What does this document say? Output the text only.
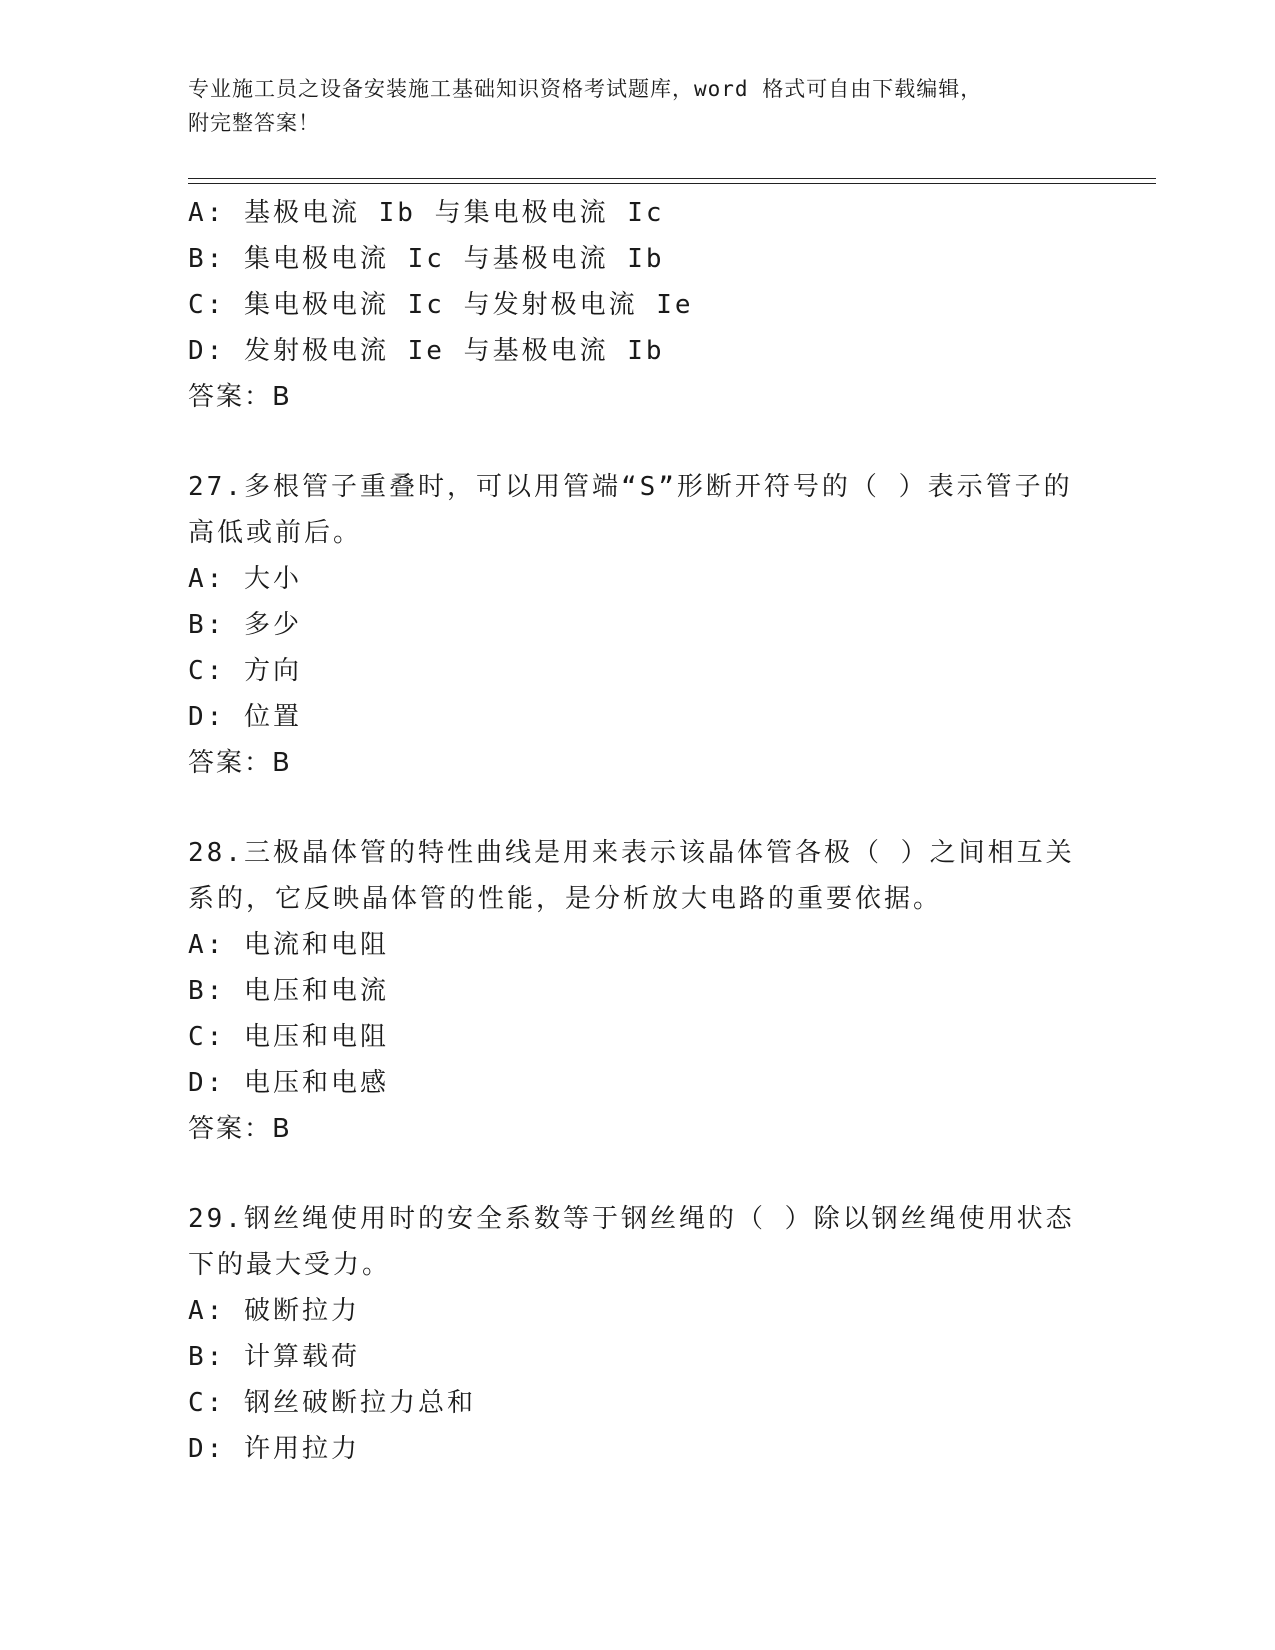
专业施工员之设备安装施工基础知识资格考试题库，word 格式可自由下载编辑，
附完整答案！
A: 基极电流 Ib 与集电极电流 Ic
B: 集电极电流 Ic 与基极电流 Ib
C: 集电极电流 Ic 与发射极电流 Ie
D: 发射极电流 Ie 与基极电流 Ib
答案：B
27.多根管子重叠时，可以用管端“S”形断开符号的（ ）表示管子的
高低或前后。
A: 大小
B: 多少
C: 方向
D: 位置
答案：B
28.三极晶体管的特性曲线是用来表示该晶体管各极（ ）之间相互关
系的，它反映晶体管的性能，是分析放大电路的重要依据。
A: 电流和电阻
B: 电压和电流
C: 电压和电阻
D: 电压和电感
答案：B
29.钢丝绳使用时的安全系数等于钢丝绳的（ ）除以钢丝绳使用状态
下的最大受力。
A: 破断拉力
B: 计算载荷
C: 钢丝破断拉力总和
D: 许用拉力
